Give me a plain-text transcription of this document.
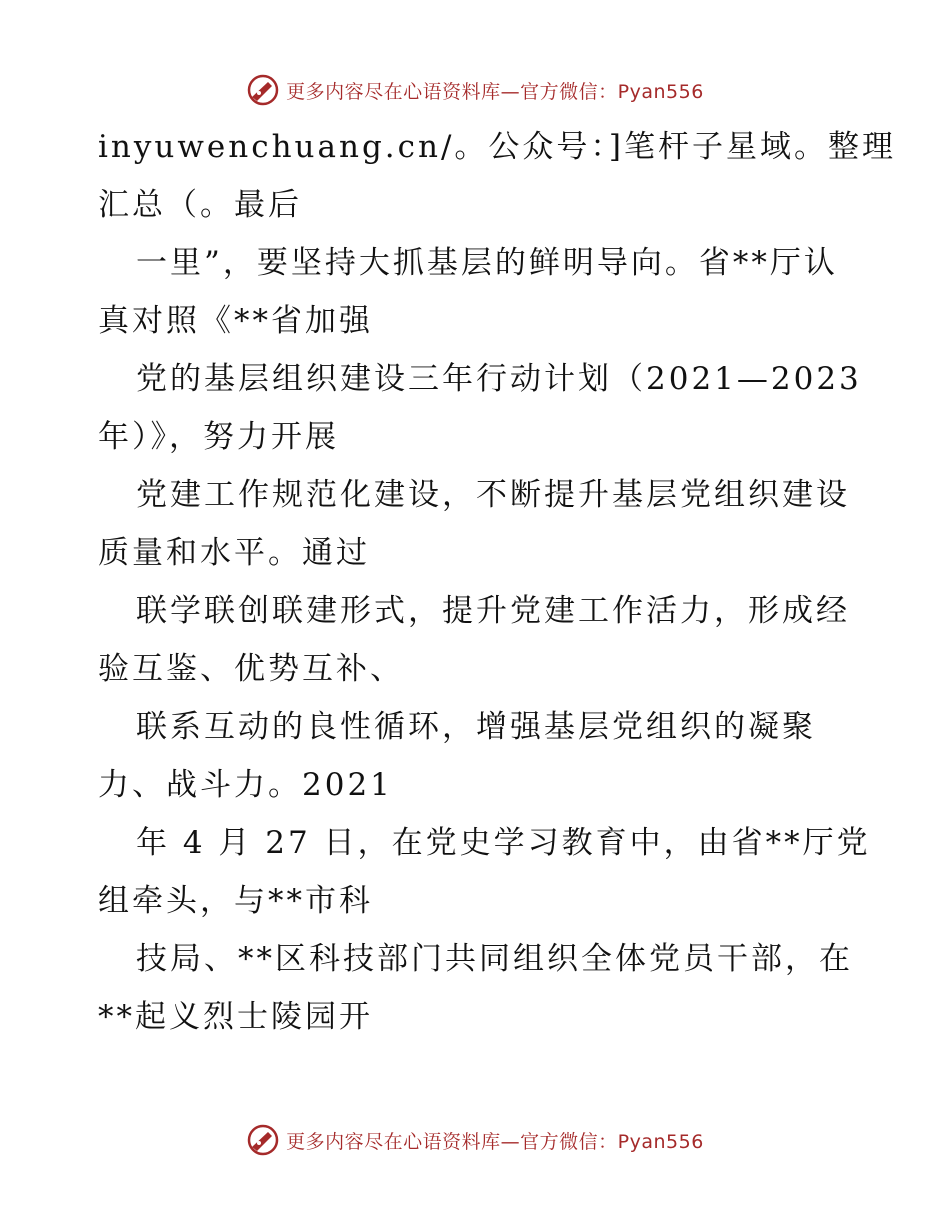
更多内容尽在心语资料库—官方微信：Pyan556
inyuwenchuang.cn/。公众号：]笔杆子星域。整理
汇总（。最后
一里”，要坚持大抓基层的鲜明导向。省**厅认
真对照《**省加强
党的基层组织建设三年行动计划（2021—2023
年）》，努力开展
党建工作规范化建设，不断提升基层党组织建设
质量和水平。通过
联学联创联建形式，提升党建工作活力，形成经
验互鉴、优势互补、
联系互动的良性循环，增强基层党组织的凝聚
力、战斗力。2021
年 4 月 27 日，在党史学习教育中，由省**厅党
组牵头，与**市科
技局、**区科技部门共同组织全体党员干部，在
**起义烈士陵园开
更多内容尽在心语资料库—官方微信：Pyan556
